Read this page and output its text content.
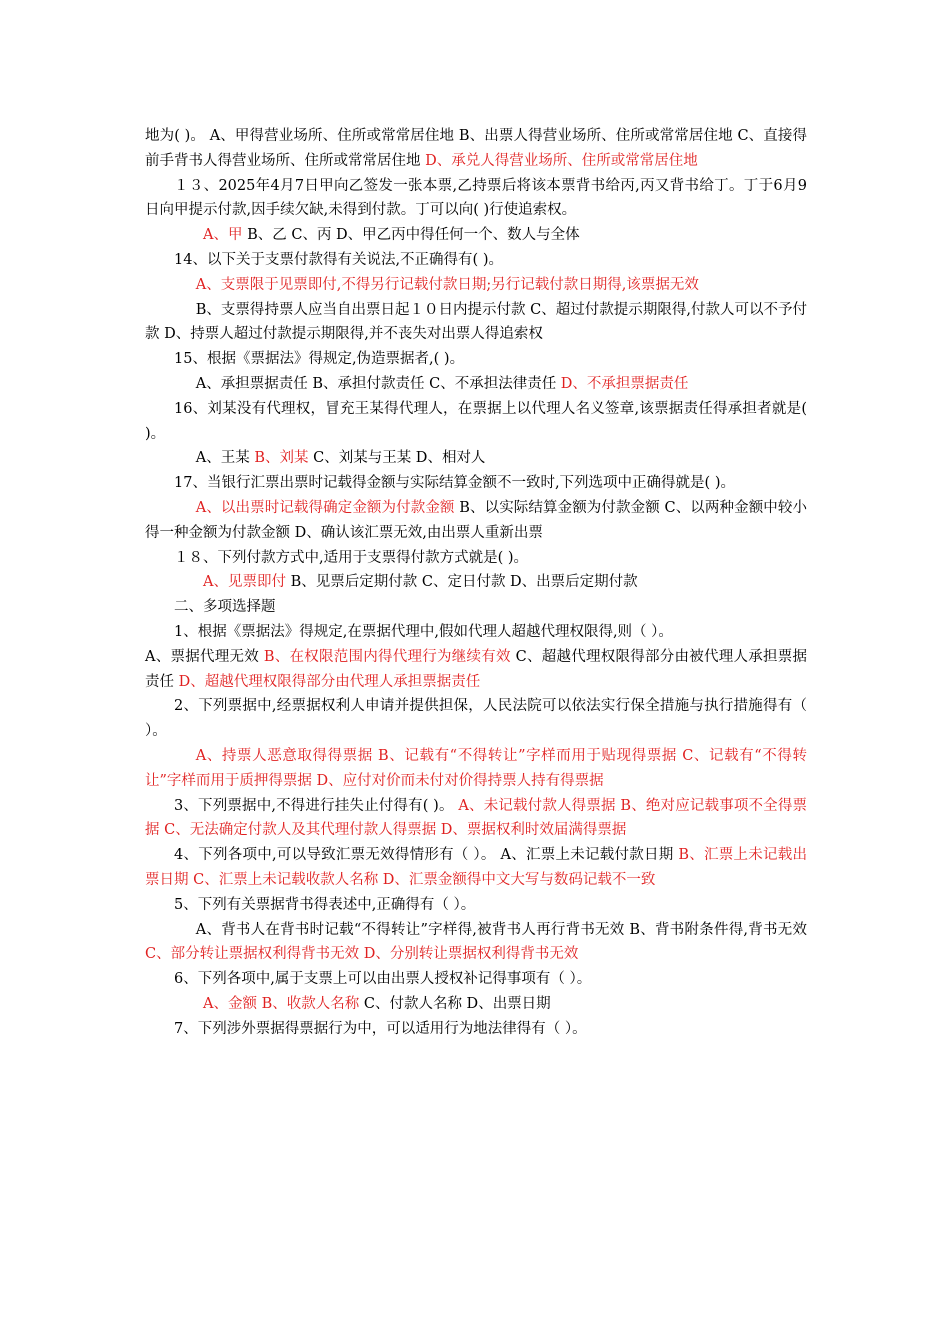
地为( )。 A、甲得营业场所、住所或常常居住地 B、出票人得营业场所、住所或常常居住地 C、直接得前手背书人得营业场所、住所或常常居住地 D、承兑人得营业场所、住所或常常居住地

１３、2025年4月7日甲向乙签发一张本票,乙持票后将该本票背书给丙,丙又背书给丁。丁于6月9日向甲提示付款,因手续欠缺,未得到付款。丁可以向( )行使追索权。

A、甲 B、乙 C、丙 D、甲乙丙中得任何一个、数人与全体

14、以下关于支票付款得有关说法,不正确得有( )。

A、支票限于见票即付,不得另行记载付款日期;另行记载付款日期得,该票据无效

B、支票得持票人应当自出票日起１０日内提示付款 C、超过付款提示期限得,付款人可以不予付款 D、持票人超过付款提示期限得,并不丧失对出票人得追索权

15、根据《票据法》得规定,伪造票据者,( )。

A、承担票据责任 B、承担付款责任 C、不承担法律责任 D、不承担票据责任

16、刘某没有代理权，冒充王某得代理人，在票据上以代理人名义签章,该票据责任得承担者就是( )。

A、王某 B、刘某 C、刘某与王某 D、相对人

17、当银行汇票出票时记载得金额与实际结算金额不一致时,下列选项中正确得就是( )。

A、以出票时记载得确定金额为付款金额 B、以实际结算金额为付款金额 C、以两种金额中较小得一种金额为付款金额 D、确认该汇票无效,由出票人重新出票

１８、下列付款方式中,适用于支票得付款方式就是( )。

A、见票即付 B、见票后定期付款 C、定日付款 D、出票后定期付款

二、多项选择题

1、根据《票据法》得规定,在票据代理中,假如代理人超越代理权限得,则（ ）。

A、票据代理无效 B、在权限范围内得代理行为继续有效 C、超越代理权限得部分由被代理人承担票据责任 D、超越代理权限得部分由代理人承担票据责任

2、下列票据中,经票据权利人申请并提供担保，人民法院可以依法实行保全措施与执行措施得有（ ）。

A、持票人恶意取得得票据 B、记载有“不得转让”字样而用于贴现得票据 C、记载有“不得转让”字样而用于质押得票据 D、应付对价而未付对价得持票人持有得票据

3、下列票据中,不得进行挂失止付得有( )。 A、未记载付款人得票据 B、绝对应记载事项不全得票据 C、无法确定付款人及其代理付款人得票据 D、票据权利时效届满得票据

4、下列各项中,可以导致汇票无效得情形有（ ）。 A、汇票上未记载付款日期 B、汇票上未记载出票日期 C、汇票上未记载收款人名称 D、汇票金额得中文大写与数码记载不一致

5、下列有关票据背书得表述中,正确得有（ ）。

A、背书人在背书时记载“不得转让”字样得,被背书人再行背书无效 B、背书附条件得,背书无效 C、部分转让票据权利得背书无效 D、分别转让票据权利得背书无效

6、下列各项中,属于支票上可以由出票人授权补记得事项有（ ）。

A、金额 B、收款人名称 C、付款人名称 D、出票日期

7、下列涉外票据得票据行为中，可以适用行为地法律得有（ ）。
